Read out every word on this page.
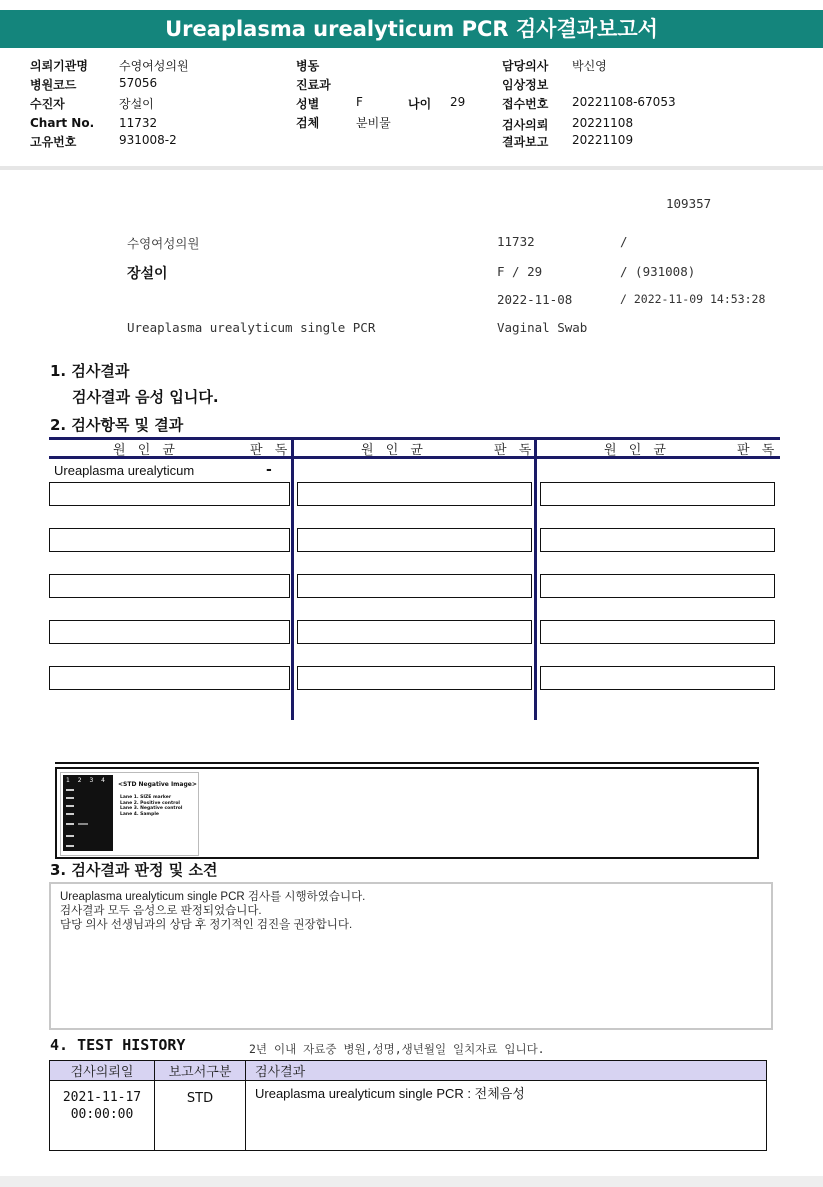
Ureaplasma urealyticum PCR 검사결과보고서
의뢰기관명	수영여성의원
병원코드	57056
수진자	장설이
Chart No. 11732
고유번호	931008-2
병동
진료과
성별	F	나이 29
검체	분비물
담당의사 박신영
임상정보
접수번호 20221108-67053
검사의뢰 20221108
결과보고 20221109
109357
수영여성의원	11732	/
장설이	F / 29	/ (931008)
2022-11-08	/ 2022-11-09 14:53:28
Ureaplasma urealyticum single PCR	Vaginal Swab
1. 검사결과
검사결과 음성 입니다.
2. 검사항목 및 결과
원 인 균	판 독	원 인 균	판 독	원 인 균	판 독
Ureaplasma urealyticum	-
1 2 3 4
<STD Negative Image>
Lane 1. SIZE marker
Lane 2. Positive control
Lane 3. Negative control
Lane 4. Sample
3. 검사결과 판정 및 소견
Ureaplasma urealyticum single PCR 검사를 시행하였습니다.
검사결과 모두 음성으로 판정되었습니다.
담당 의사 선생님과의 상담 후 정기적인 검진을 권장합니다.
4. TEST HISTORY	2년 이내 자료중 병원,성명,생년월일 일치자료 입니다.
검사의뢰일	보고서구분	검사결과

2021-11-17
00:00:00	STD	Ureaplasma urealyticum single PCR : 전체음성
